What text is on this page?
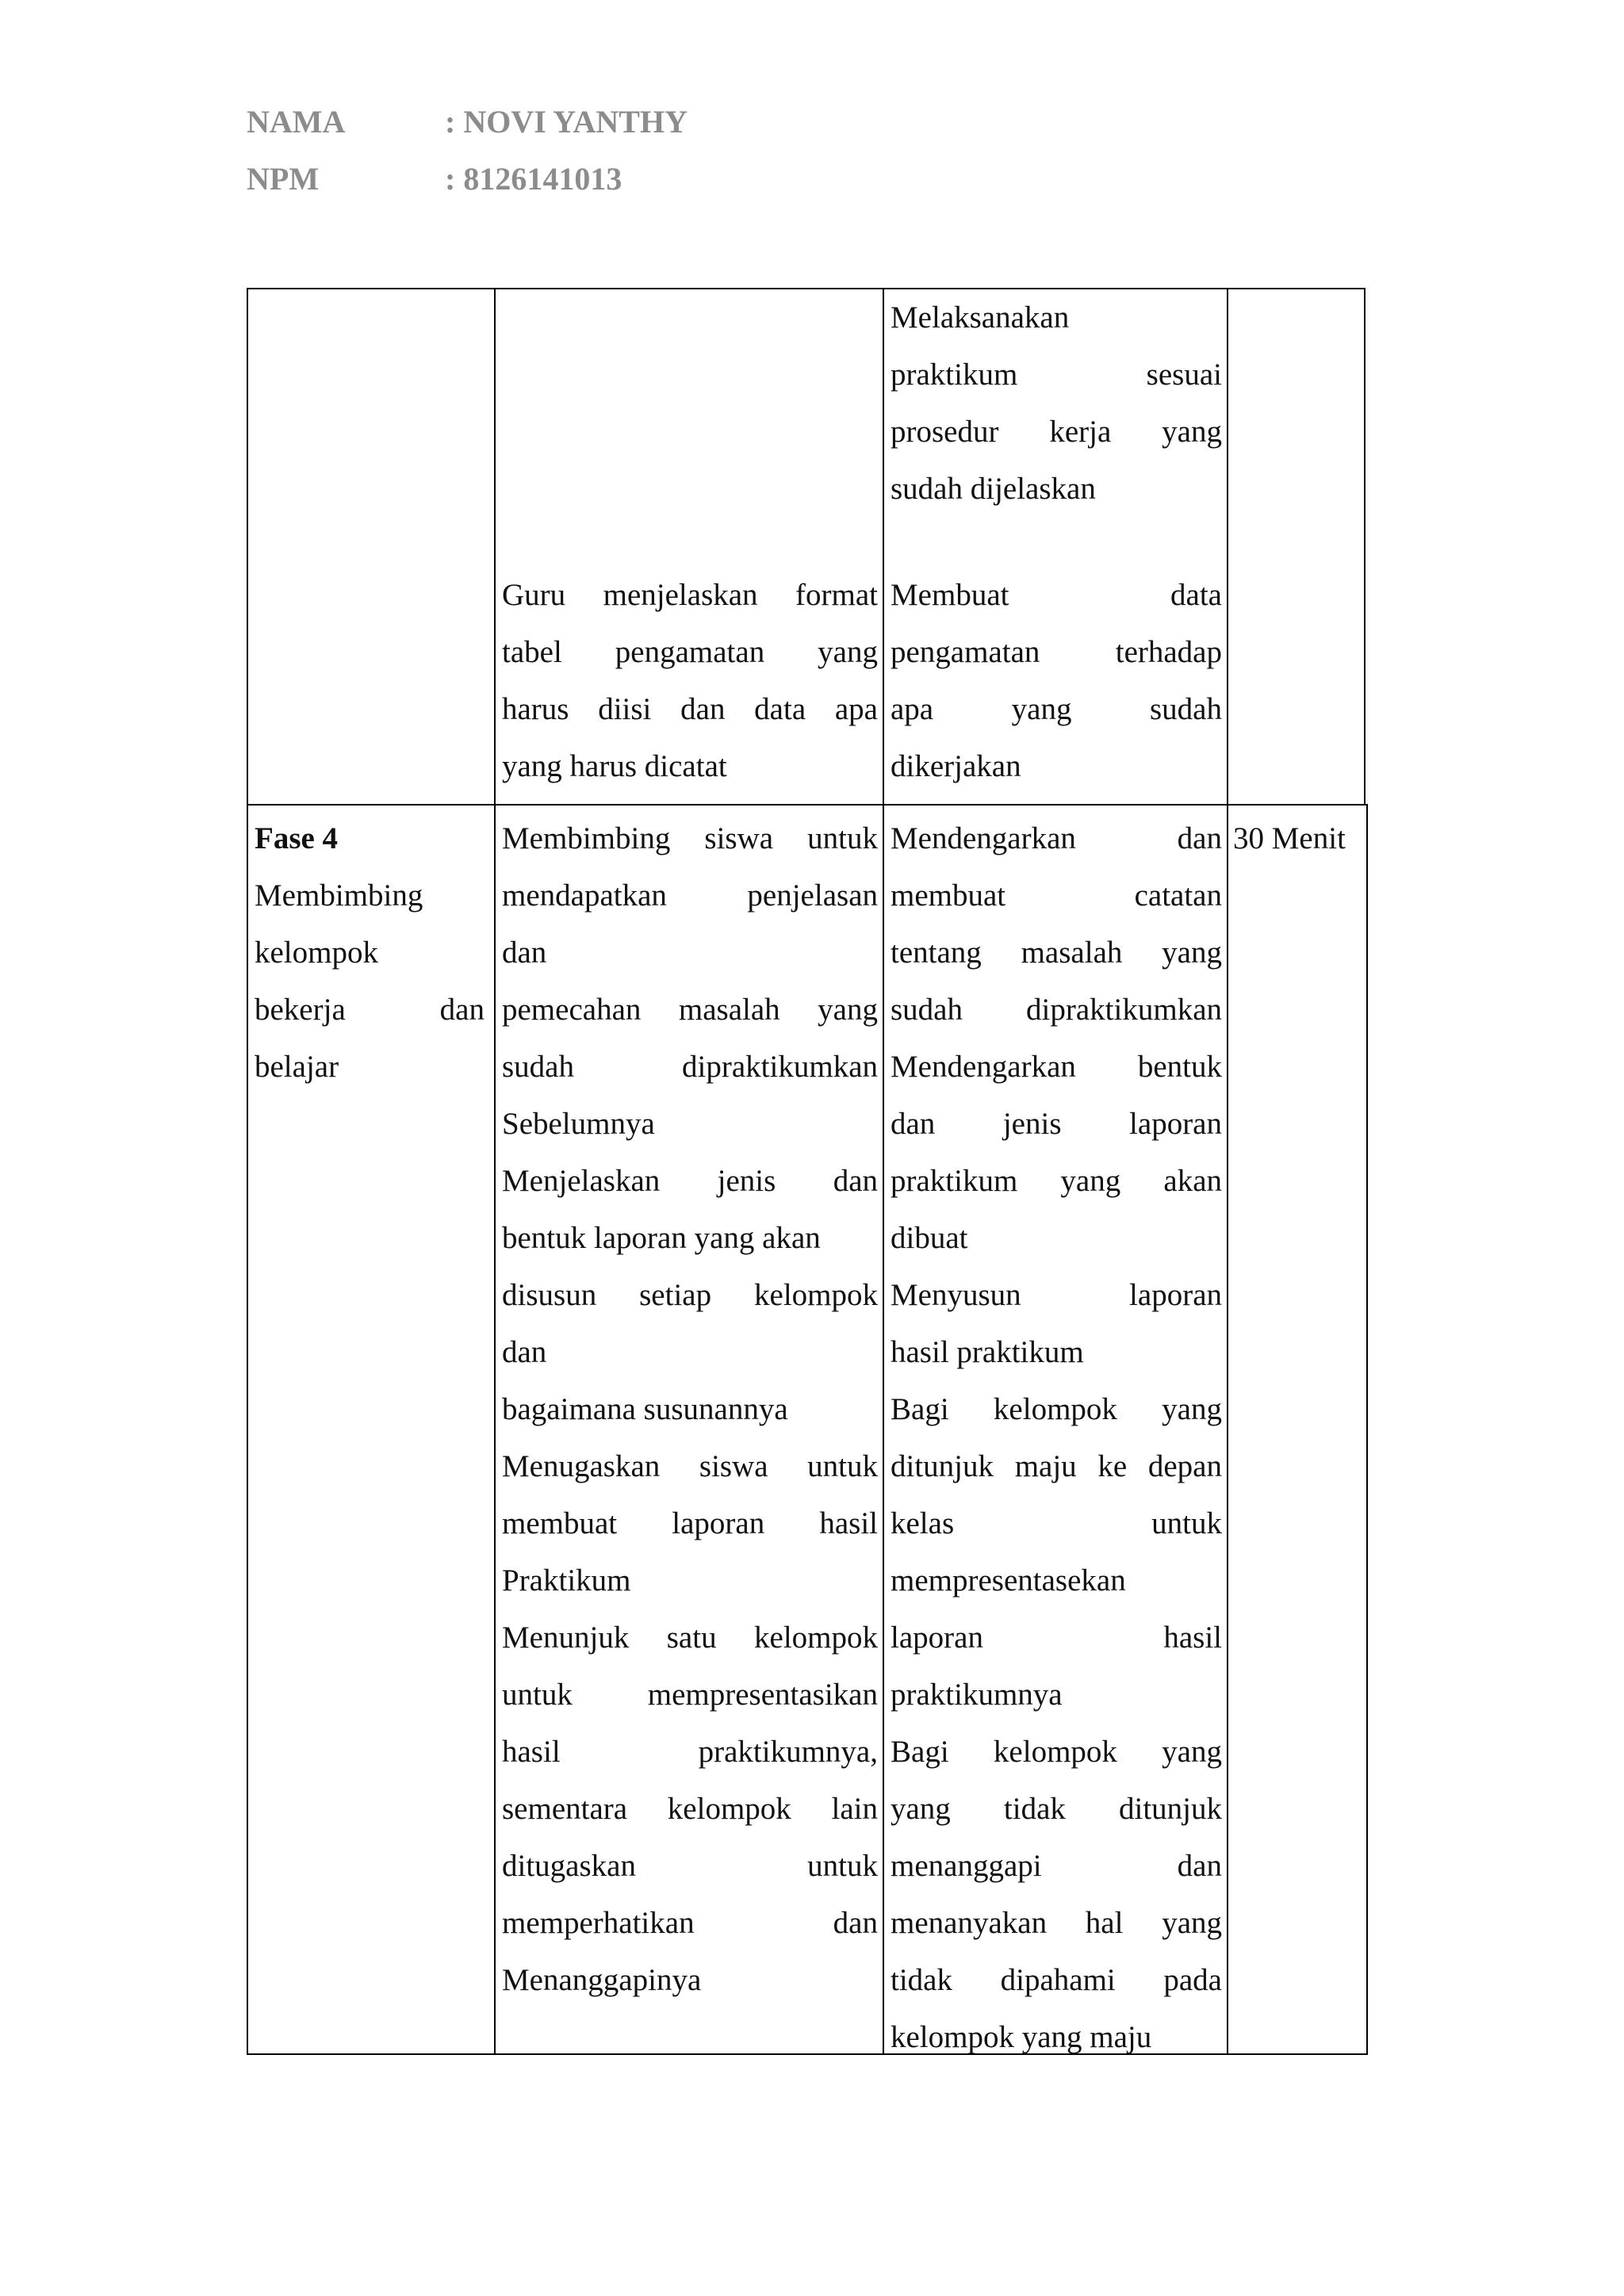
NAMA	: NOVI YANTHY
NPM	: 8126141013
Guru menjelaskan format
tabel pengamatan yang
harus diisi dan data apa
yang harus dicatat
Melaksanakan
praktikum sesuai
prosedur kerja yang
sudah dijelaskan
Membuat data
pengamatan terhadap
apa yang sudah
dikerjakan
Fase 4
Membimbing
kelompok
bekerja dan
belajar
Membimbing siswa untuk
mendapatkan penjelasan
dan
pemecahan masalah yang
sudah dipraktikumkan
Sebelumnya
Menjelaskan jenis dan
bentuk laporan yang akan
disusun setiap kelompok
dan
bagaimana susunannya
Menugaskan siswa untuk
membuat laporan hasil
Praktikum
Menunjuk satu kelompok
untuk mempresentasikan
hasil praktikumnya,
sementara kelompok lain
ditugaskan untuk
memperhatikan dan
Menanggapinya
Mendengarkan dan
membuat catatan
tentang masalah yang
sudah dipraktikumkan
Mendengarkan bentuk
dan jenis laporan
praktikum yang akan
dibuat
Menyusun laporan
hasil praktikum
Bagi kelompok yang
ditunjuk maju ke depan
kelas untuk
mempresentasekan
laporan hasil
praktikumnya
Bagi kelompok yang
yang tidak ditunjuk
menanggapi dan
menanyakan hal yang
tidak dipahami pada
kelompok yang maju
30 Menit
